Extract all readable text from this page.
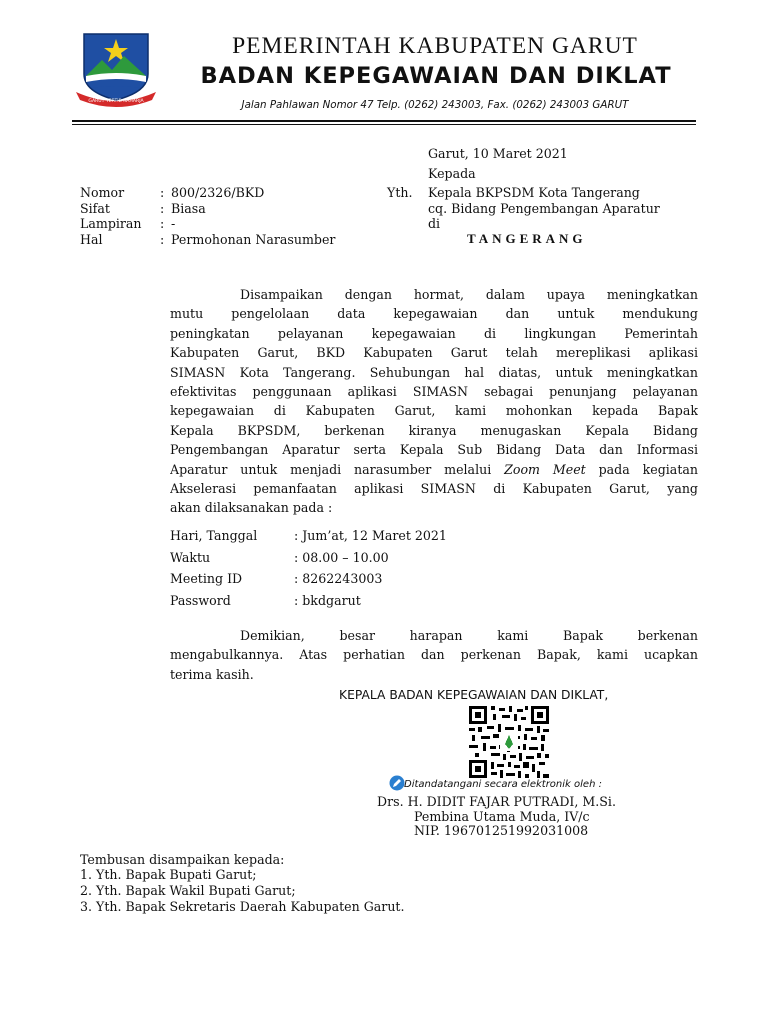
GARUT TERTIB RAHARJA
PEMERINTAH KABUPATEN GARUT
BADAN KEPEGAWAIAN DAN DIKLAT
Jalan Pahlawan Nomor 47 Telp. (0262) 243003, Fax. (0262) 243003 GARUT
Garut, 10 Maret 2021
Kepada
Yth. Kepala BKPSDM Kota Tangerang
cq. Bidang Pengembangan Aparatur
di
TANGERANG
Nomor	: 800/2326/BKD
Sifat	: Biasa
Lampiran : -
Hal	: Permohonan Narasumber
Disampaikan dengan hormat, dalam upaya meningkatkan
mutu pengelolaan data kepegawaian dan untuk mendukung
peningkatan pelayanan kepegawaian di lingkungan Pemerintah
Kabupaten Garut, BKD Kabupaten Garut telah mereplikasi aplikasi
SIMASN Kota Tangerang. Sehubungan hal diatas, untuk meningkatkan
efektivitas penggunaan aplikasi SIMASN sebagai penunjang pelayanan
kepegawaian di Kabupaten Garut, kami mohonkan kepada Bapak
Kepala BKPSDM, berkenan kiranya menugaskan Kepala Bidang
Pengembangan Aparatur serta Kepala Sub Bidang Data dan Informasi
Aparatur untuk menjadi narasumber melalui Zoom Meet pada kegiatan
Akselerasi pemanfaatan aplikasi SIMASN di Kabupaten Garut, yang
akan dilaksanakan pada :
Hari, Tanggal	: Jum’at, 12 Maret 2021
Waktu	: 08.00 – 10.00
Meeting ID	: 8262243003
Password	: bkdgarut
Demikian, besar harapan kami Bapak berkenan
mengabulkannya. Atas perhatian dan perkenan Bapak, kami ucapkan
terima kasih.
KEPALA BADAN KEPEGAWAIAN DAN DIKLAT,
Ditandatangani secara elektronik oleh :
Drs. H. DIDIT FAJAR PUTRADI, M.Si.
Pembina Utama Muda, IV/c
NIP. 196701251992031008
Tembusan disampaikan kepada:
1. Yth. Bapak Bupati Garut;
2. Yth. Bapak Wakil Bupati Garut;
3. Yth. Bapak Sekretaris Daerah Kabupaten Garut.
